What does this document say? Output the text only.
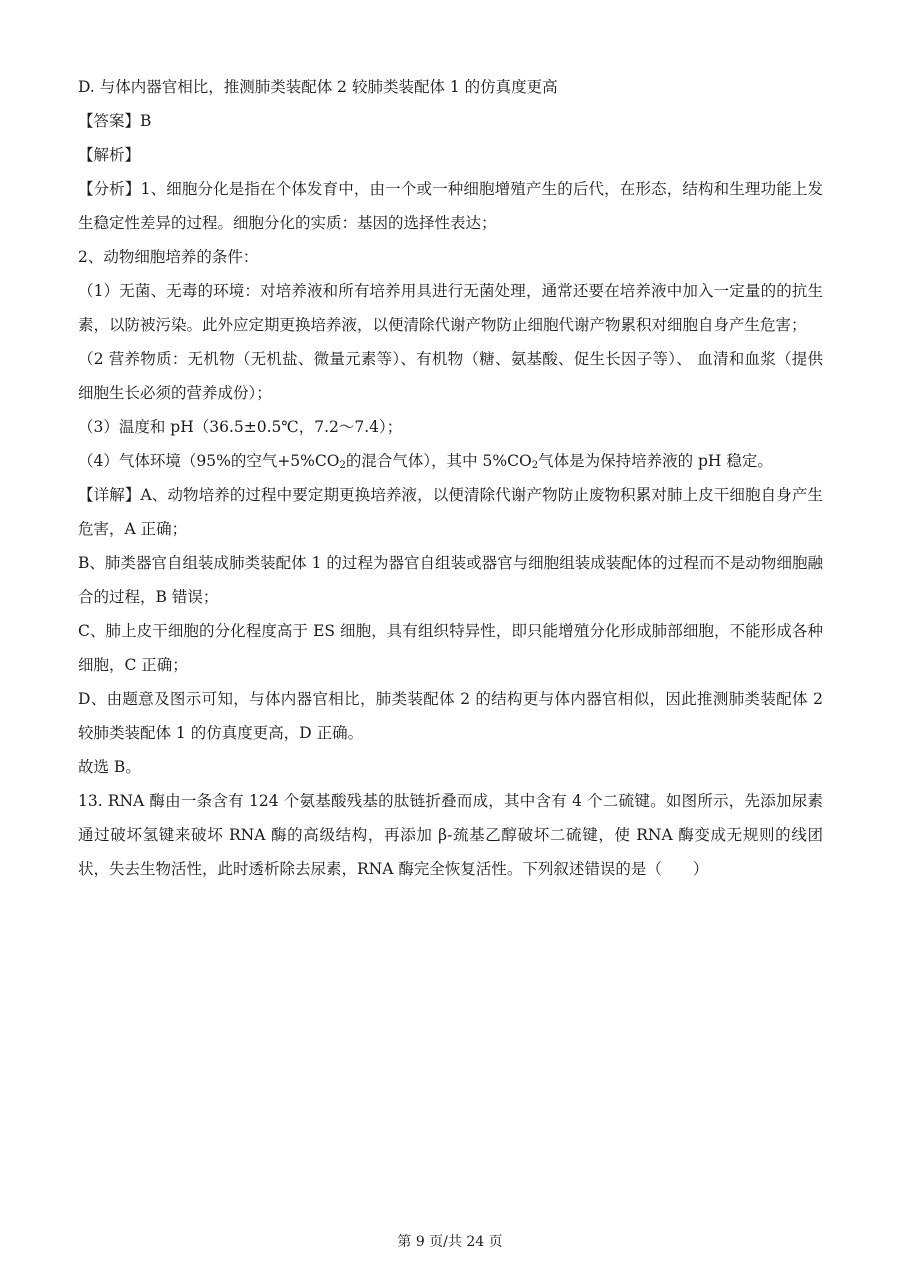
D. 与体内器官相比，推测肺类装配体 2 较肺类装配体 1 的仿真度更高
【答案】B
【解析】
【分析】1、细胞分化是指在个体发育中，由一个或一种细胞增殖产生的后代，在形态，结构和生理功能上发生稳定性差异的过程。细胞分化的实质：基因的选择性表达；
2、动物细胞培养的条件：
（1）无菌、无毒的环境：对培养液和所有培养用具进行无菌处理，通常还要在培养液中加入一定量的的抗生素，以防被污染。此外应定期更换培养液，以便清除代谢产物防止细胞代谢产物累积对细胞自身产生危害；
（2 营养物质：无机物（无机盐、微量元素等）、有机物（糖、氨基酸、促生长因子等）、 血清和血浆（提供细胞生长必须的营养成份）；
（3）温度和 pH（36.5±0.5℃，7.2～7.4）；
（4）气体环境（95%的空气$+5\%CO_2$的混合气体），其中 $5\%CO_2$气体是为保持培养液的 pH 稳定。
【详解】A、动物培养的过程中要定期更换培养液，以便清除代谢产物防止废物积累对肺上皮干细胞自身产生危害，A 正确；
B、肺类器官自组装成肺类装配体 1 的过程为器官自组装或器官与细胞组装成装配体的过程而不是动物细胞融合的过程，B 错误；
C、肺上皮干细胞的分化程度高于 ES 细胞，具有组织特异性，即只能增殖分化形成肺部细胞，不能形成各种细胞，C 正确；
D、由题意及图示可知，与体内器官相比，肺类装配体 2 的结构更与体内器官相似，因此推测肺类装配体 2 较肺类装配体 1 的仿真度更高，D 正确。
故选 B。
13. RNA 酶由一条含有 124 个氨基酸残基的肽链折叠而成，其中含有 4 个二硫键。如图所示，先添加尿素通过破坏氢键来破坏 RNA 酶的高级结构，再添加 β-巯基乙醇破坏二硫键，使 RNA 酶变成无规则的线团状，失去生物活性，此时透析除去尿素，RNA 酶完全恢复活性。下列叙述错误的是（　　）
第 9 页/共 24 页
